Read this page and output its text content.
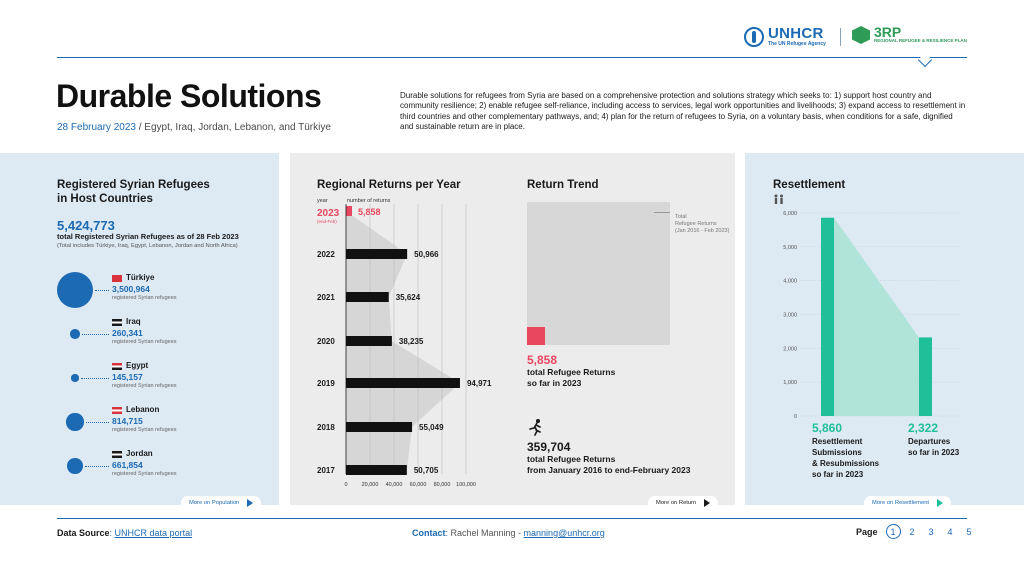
UNHCR
The UN Refugee Agency
3RP
REGIONAL REFUGEE & RESILIENCE PLAN
Durable Solutions
28 February 2023 / Egypt, Iraq, Jordan, Lebanon, and Türkiye
Durable solutions for refugees from Syria are based on a comprehensive protection and solutions strategy which seeks to: 1) support host country and community resilience; 2) enable refugee self-reliance, including access to services, legal work opportunities and livelihoods; 3) expand access to resettlement in third countries and other complementary pathways, and; 4) plan for the return of refugees to Syria, on a voluntary basis, when conditions for a safe, dignified and sustainable return are in place.
Registered Syrian Refugees
in Host Countries
5,424,773
total Registered Syrian Refugees as of 28 Feb 2023
(Total includes Türkiye, Iraq, Egypt, Lebanon, Jordan and North Africa)
Türkiye
3,500,964
registered Syrian refugees
Iraq
260,341
registered Syrian refugees
Egypt
145,157
registered Syrian refugees
Lebanon
814,715
registered Syrian refugees
Jordan
661,854
registered Syrian refugees
More on Population
Regional Returns per Year
year	number of returns
2023
(end-Feb)
5,858
2022	50,966
2021	35,624
2020	38,235
2019	94,971
2018	55,049
2017	50,705
0	20,000 40,000 60,000 80,000 100,000
Return Trend
Total
Refugee Returns
(Jan 2016 - Feb 2023)
5,858
total Refugee Returns
so far in 2023
359,704
total Refugee Returns
from January 2016 to end-February 2023
More on Return
Resettlement
0
1,000
2,000
3,000
4,000
5,000
6,000
5,860
Resettlement
Submissions
& Resubmissions
so far in 2023
2,322
Departures
so far in 2023
More on Resettlement
Data Source: UNHCR data portal	Contact: Rachel Manning - manning@unhcr.org	Page	1	2	3	4	5
